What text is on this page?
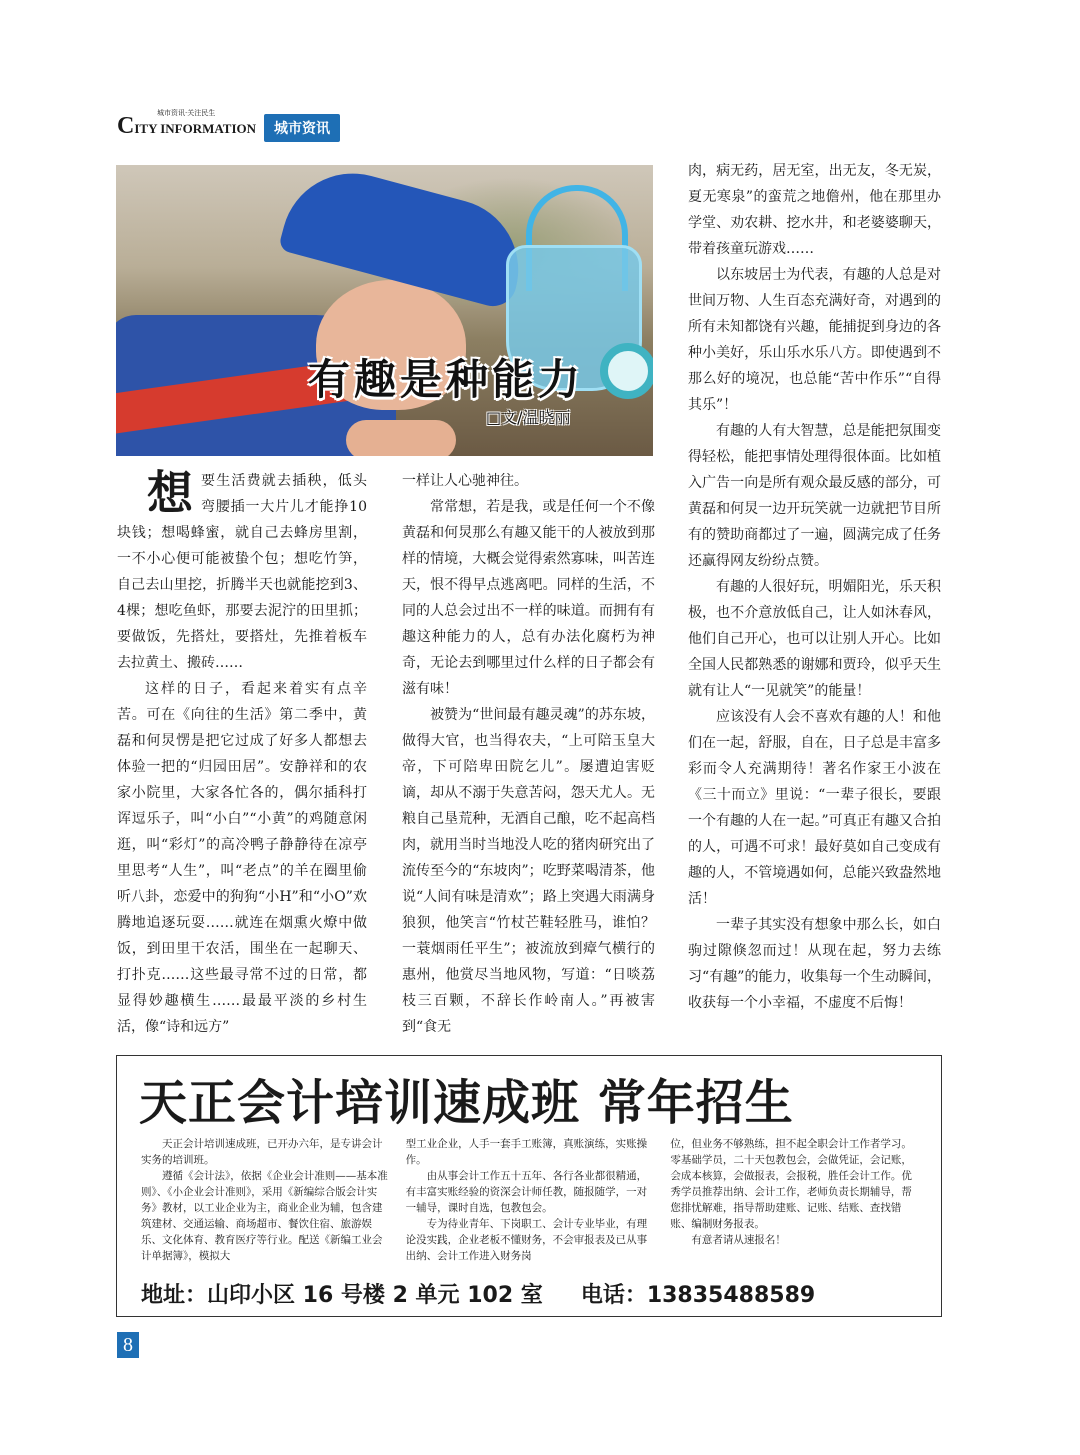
CITY INFORMATION
城市资讯·关注民生
城市资讯
有趣是种能力
□文/温晓丽

想要生活费就去插秧，低头弯腰插一大片儿才能挣10块钱；想喝蜂蜜，就自己去蜂房里割，一不小心便可能被蛰个包；想吃竹笋，自己去山里挖，折腾半天也就能挖到3、4棵；想吃鱼虾，那要去泥泞的田里抓；要做饭，先搭灶，要搭灶，先推着板车去拉黄土、搬砖……

这样的日子，看起来着实有点辛苦。可在《向往的生活》第二季中，黄磊和何炅愣是把它过成了好多人都想去体验一把的“归园田居”。安静祥和的农家小院里，大家各忙各的，偶尔插科打诨逗乐子，叫“小白”“小黄”的鸡随意闲逛，叫“彩灯”的高冷鸭子静静待在凉亭里思考“人生”，叫“老点”的羊在圈里偷听八卦，恋爱中的狗狗“小H”和“小O”欢腾地追逐玩耍……就连在烟熏火燎中做饭，到田里干农活，围坐在一起聊天、打扑克……这些最寻常不过的日常，都显得妙趣横生……最最平淡的乡村生活，像“诗和远方”

一样让人心驰神往。

常常想，若是我，或是任何一个不像黄磊和何炅那么有趣又能干的人被放到那样的情境，大概会觉得索然寡味，叫苦连天，恨不得早点逃离吧。同样的生活，不同的人总会过出不一样的味道。而拥有有趣这种能力的人，总有办法化腐朽为神奇，无论去到哪里过什么样的日子都会有滋有味！

被赞为“世间最有趣灵魂”的苏东坡，做得大官，也当得农夫，“上可陪玉皇大帝，下可陪卑田院乞儿”。屡遭迫害贬谪，却从不溺于失意苦闷，怨天尤人。无粮自己垦荒种，无酒自己酿，吃不起高档肉，就用当时当地没人吃的猪肉研究出了流传至今的“东坡肉”；吃野菜喝清茶，他说“人间有味是清欢”；路上突遇大雨满身狼狈，他笑言“竹杖芒鞋轻胜马，谁怕？一蓑烟雨任平生”；被流放到瘴气横行的惠州，他赏尽当地风物，写道：“日啖荔枝三百颗，不辞长作岭南人。”再被害到“食无

肉，病无药，居无室，出无友，冬无炭，夏无寒泉”的蛮荒之地儋州，他在那里办学堂、劝农耕、挖水井，和老婆婆聊天，带着孩童玩游戏……

以东坡居士为代表，有趣的人总是对世间万物、人生百态充满好奇，对遇到的所有未知都饶有兴趣，能捕捉到身边的各种小美好，乐山乐水乐八方。即使遇到不那么好的境况，也总能“苦中作乐”“自得其乐”！

有趣的人有大智慧，总是能把氛围变得轻松，能把事情处理得很体面。比如植入广告一向是所有观众最反感的部分，可黄磊和何炅一边开玩笑就一边就把节目所有的赞助商都过了一遍，圆满完成了任务还赢得网友纷纷点赞。

有趣的人很好玩，明媚阳光，乐天积极，也不介意放低自己，让人如沐春风，他们自己开心，也可以让别人开心。比如全国人民都熟悉的谢娜和贾玲，似乎天生就有让人“一见就笑”的能量！

应该没有人会不喜欢有趣的人！和他们在一起，舒服，自在，日子总是丰富多彩而令人充满期待！著名作家王小波在《三十而立》里说：“一辈子很长，要跟一个有趣的人在一起。”可真正有趣又合拍的人，可遇不可求！最好莫如自己变成有趣的人，不管境遇如何，总能兴致盎然地活！

一辈子其实没有想象中那么长，如白驹过隙倏忽而过！从现在起，努力去练习“有趣”的能力，收集每一个生动瞬间，收获每一个小幸福，不虚度不后悔！

天正会计培训速成班 常年招生

天正会计培训速成班，已开办六年，是专讲会计实务的培训班。

遵循《会计法》，依据《企业会计准则——基本准则》、《小企业会计准则》，采用《新编综合版会计实务》教材，以工业企业为主，商业企业为辅，包含建筑建材、交通运输、商场超市、餐饮住宿、旅游娱乐、文化体育、教育医疗等行业。配送《新编工业会计单据簿》，模拟大

型工业企业，人手一套手工账簿，真账演练，实账操作。

由从事会计工作五十五年、各行各业都很精通，有丰富实账经验的资深会计师任教，随报随学，一对一辅导，课时自选，包教包会。

专为待业青年、下岗职工、会计专业毕业，有理论没实践，企业老板不懂财务，不会审报表及已从事出纳、会计工作进入财务岗

位，但业务不够熟练，担不起全职会计工作者学习。零基础学员，二十天包教包会，会做凭证，会记账，会成本核算，会做报表，会报税，胜任会计工作。优秀学员推荐出纳、会计工作，老师负责长期辅导，帮您排忧解难，指导帮助建账、记账、结账、查找错账、编制财务报表。

有意者请从速报名！

地址：山印小区 16 号楼 2 单元 102 室 电话：13835488589
8
